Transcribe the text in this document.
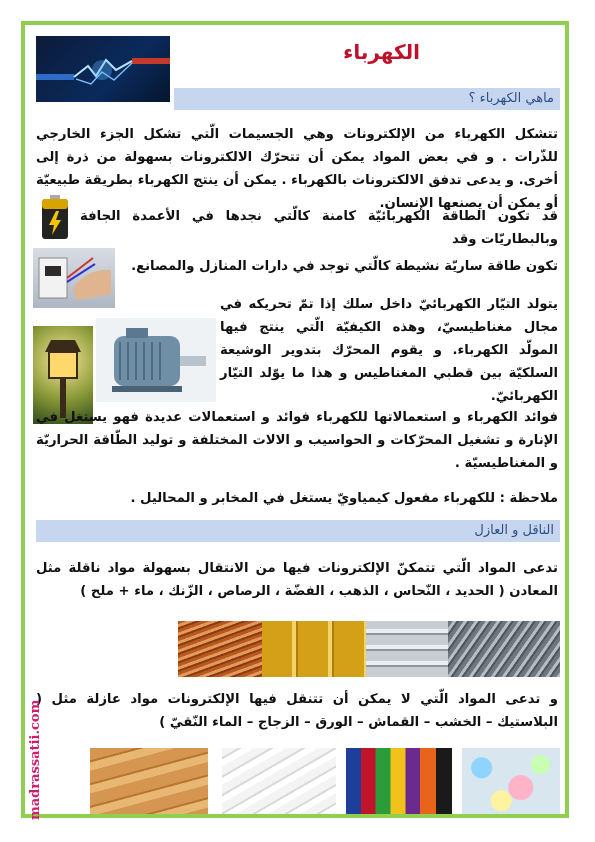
الكهرباء
ماهي الكهرباء ؟
تتشكل الكهرباء من الإلكترونات وهي الجسيمات الّتي تشكل الجزء الخارجي للذّرات . و في بعض المواد يمكن أن تتحرّك الالكترونات بسهولة من ذرة إلى أخرى. و يدعى تدفق الالكترونات بالكهرباء . يمكن أن ينتج الكهرباء بطريقة طبيعيّة أو يمكن أن يصنعها الإنسان.
قد تكون الطاقة الكهربائيّة كامنة كالّتي نجدها في الأعمدة الجافة وبالبطاريّات وقد
تكون طاقة ساريّة نشيطة كالّتي توجد في دارات المنازل والمصانع.
يتولد التيّار الكهربائيّ داخل سلك إذا تمّ تحريكه في مجال مغناطيسيّ، وهذه الكيفيّة الّتي ينتج فيها المولّد الكهرباء. و يقوم المحرّك بتدوير الوشيعة السلكيّة بين قطبي المغناطيس و هذا ما يوّلد التيّار الكهربائيّ.
فوائد الكهرباء و استعمالاتها للكهرباء فوائد و استعمالات عديدة فهو يستغل في الإنارة و تشغيل المحرّكات و الحواسيب و الالات المختلفة و توليد الطّاقة الحراريّة و المغناطيسيّة .
ملاحظة : للكهرباء مفعول كيمياويّ يستغل في المخابر و المحاليل .
الناقل و العازل
تدعى المواد الّتي تتمكنّ الإلكترونات فيها من الانتقال بسهولة مواد ناقلة مثل المعادن ( الحديد ، النّحاس ، الذهب ، الفضّة ، الرصاص ، الزّنك ، ماء + ملح )
و تدعى المواد الّتي لا يمكن أن تتنقل فيها الإلكترونات مواد عازلة مثل ( البلاستيك – الخشب – القماش – الورق – الزجاج – الماء النّقيّ )
madrassatii.com
